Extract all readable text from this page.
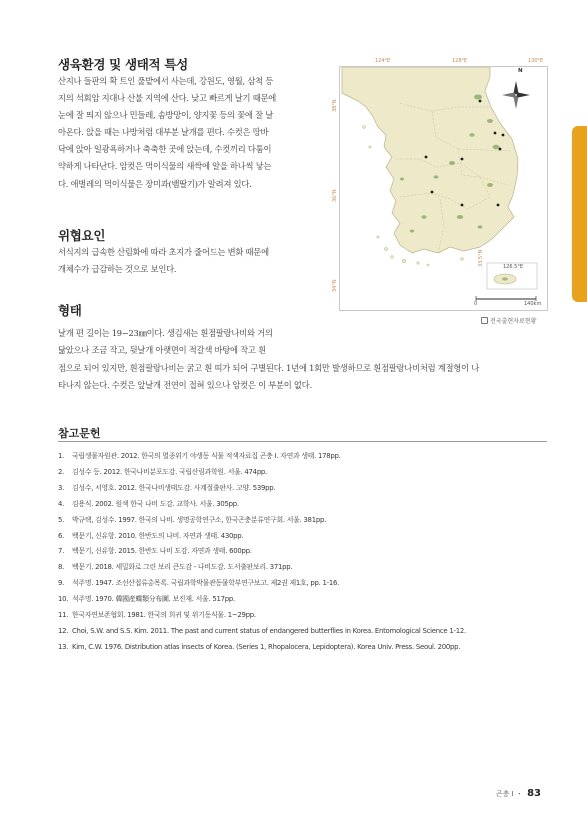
생육환경 및 생태적 특성
산지나 들판의 확 트인 풀밭에서 사는데, 강원도, 영월, 삼척 등
지의 석회암 지대나 산불 지역에 산다. 낮고 빠르게 날기 때문에
눈에 잘 띄지 않으나 민들레, 솜방망이, 양지꽃 등의 꽃에 잘 날
아온다. 앉을 때는 나방처럼 대부분 날개를 편다. 수컷은 땅바
닥에 앉아 일광욕하거나 축축한 곳에 앉는데, 수컷끼리 다툼이
약하게 나타난다. 암컷은 먹이식물의 새싹에 알을 하나씩 낳는
다. 애벌레의 먹이식물은 장미과(뱀딸기)가 알려져 있다.
위협요인
서식지의 급속한 산림화에 따라 초지가 줄어드는 변화 때문에
개체수가 급감하는 것으로 보인다.
형태
날개 편 길이는 19~23㎜이다. 생김새는 흰점팔랑나비와 거의
닮았으나 조금 작고, 뒷날개 아랫면이 적갈색 바탕에 작고 흰
점으로 되어 있지만, 흰점팔랑나비는 굵고 흰 띠가 되어 구별된다. 1년에 1회만 발생하므로 흰점팔랑나비처럼 계절형이 나
타나지 않는다. 수컷은 앞날개 전연이 접혀 있으나 암컷은 이 부분이 없다.
124°E	128°E	130°E
N
126.5°E
33.5°N
0	140km
38°N
36°N
34°N
전국출현자료현황
참고문헌
1. 국립생물자원관. 2012. 한국의 멸종위기 야생동 식물 적색자료집 곤충 I. 자연과 생태. 178pp.
2. 김성수 등. 2012. 한국나비분포도감. 국립산림과학원. 서울. 474pp.
3. 김성수, 서영호. 2012. 한국나비생태도감. 사계절출판사. 고양. 539pp.
4. 김용식. 2002. 원색 한국 나비 도감. 교학사. 서울. 305pp.
5. 박규택, 김성수. 1997. 한국의 나비. 생명공학연구소, 한국곤충분류연구회. 서울. 381pp.
6. 백문기, 신유항. 2010. 한반도의 나비. 자연과 생태. 430pp.
7. 백문기, 신유항. 2015. 한반도 나비 도감. 자연과 생태. 600pp.
8. 백문기. 2018. 세밀화로 그린 보리 큰도감 - 나비도감. 도서출판보리. 371pp.
9. 석주명. 1947. 조선산접류총목록. 국립과학박물관동물학부연구보고. 제2권 제1호, pp. 1-16.
10. 석주명. 1970. 韓國産蝶類分布圖. 보진재. 서울. 517pp.
11. 한국자연보존협회. 1981. 한국의 희귀 및 위기동식물. 1~29pp.
12. Choi, S.W. and S.S. Kim. 2011. The past and current status of endangered butterflies in Korea. Entomological Science 1-12.
13. Kim, C.W. 1976. Distribution atlas insects of Korea. (Series 1, Rhopalocera, Lepidoptera). Korea Univ. Press. Seoul. 200pp.
곤충 I ・ 83
